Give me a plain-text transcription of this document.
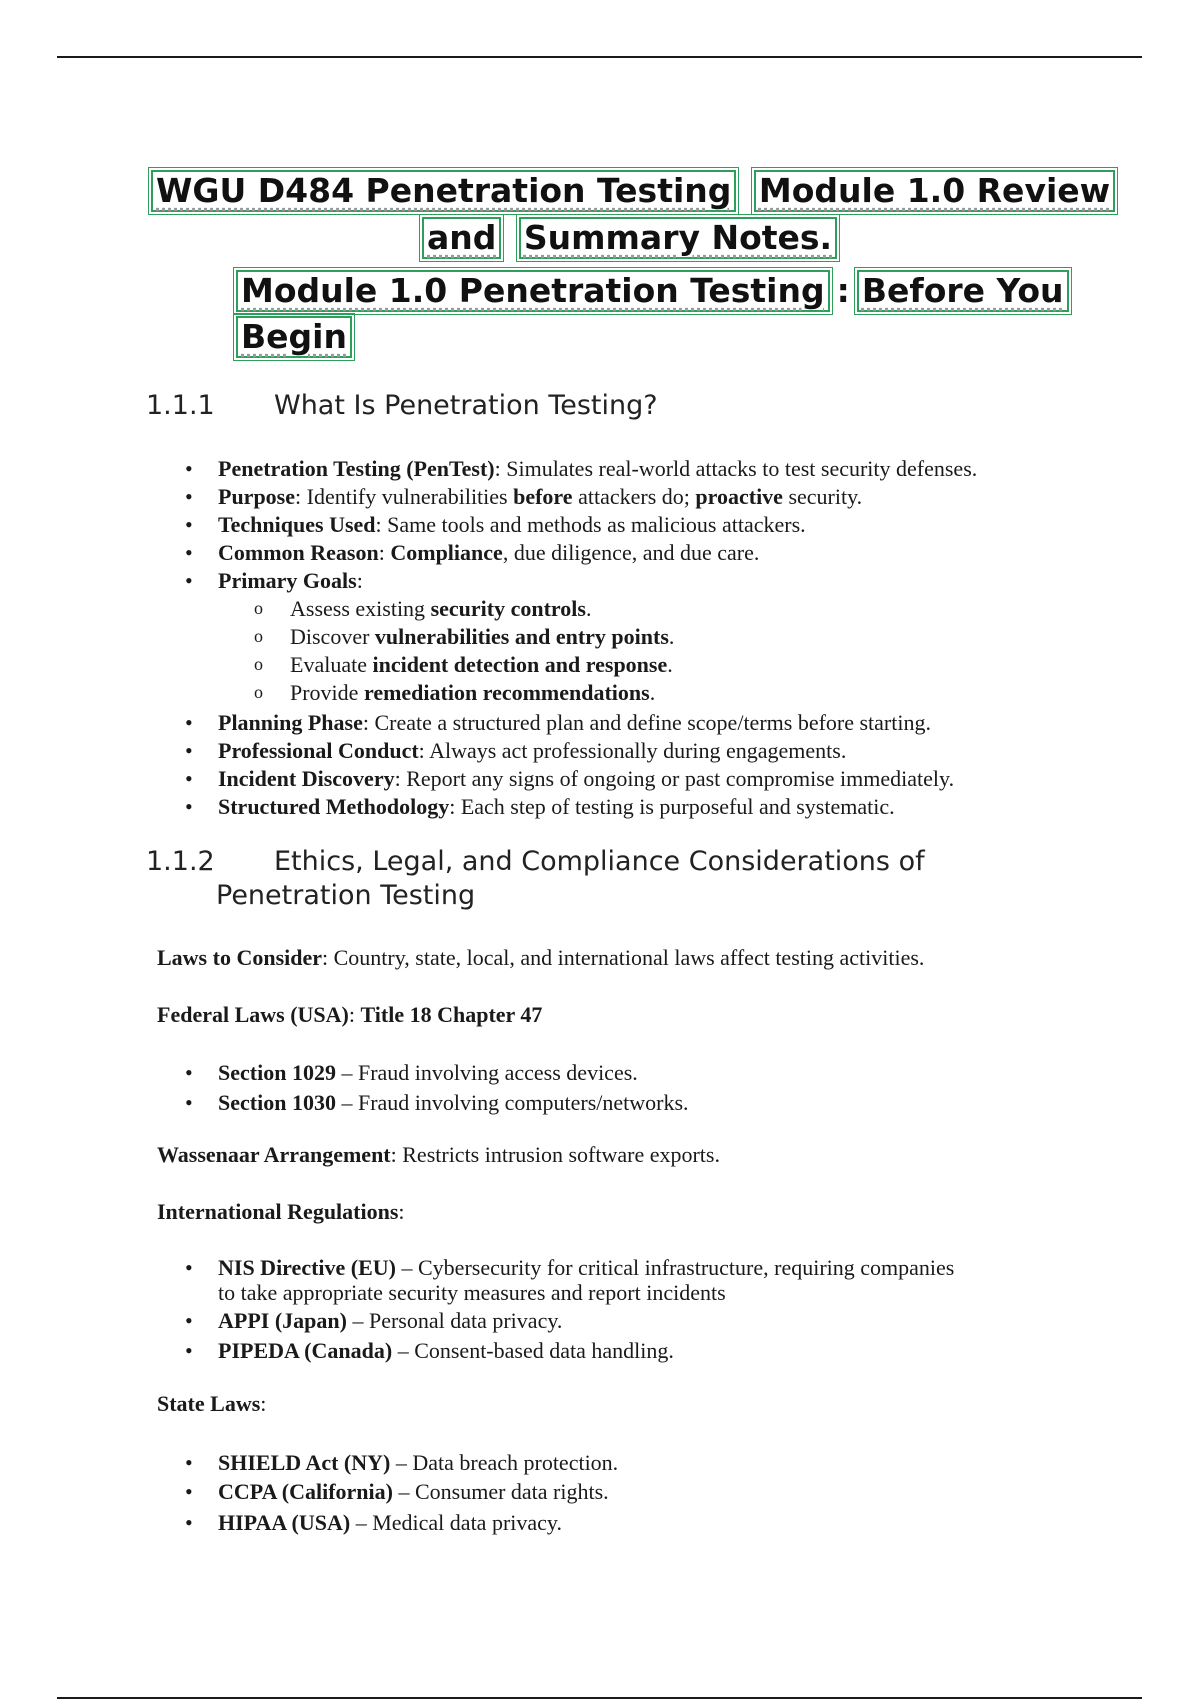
WGU D484 Penetration Testing Module 1.0 Review
and Summary Notes.
Module 1.0 Penetration Testing : Before You
Begin
1.1.1 What Is Penetration Testing?
• Penetration Testing (PenTest): Simulates real-world attacks to test security defenses.
• Purpose: Identify vulnerabilities before attackers do; proactive security.
• Techniques Used: Same tools and methods as malicious attackers.
• Common Reason: Compliance, due diligence, and due care.
• Primary Goals:
o Assess existing security controls.
o Discover vulnerabilities and entry points.
o Evaluate incident detection and response.
o Provide remediation recommendations.
• Planning Phase: Create a structured plan and define scope/terms before starting.
• Professional Conduct: Always act professionally during engagements.
• Incident Discovery: Report any signs of ongoing or past compromise immediately.
• Structured Methodology: Each step of testing is purposeful and systematic.
1.1.2 Ethics, Legal, and Compliance Considerations of
Penetration Testing
Laws to Consider: Country, state, local, and international laws affect testing activities.
Federal Laws (USA): Title 18 Chapter 47
• Section 1029 – Fraud involving access devices.
• Section 1030 – Fraud involving computers/networks.
Wassenaar Arrangement: Restricts intrusion software exports.
International Regulations:
• NIS Directive (EU) – Cybersecurity for critical infrastructure, requiring companies
to take appropriate security measures and report incidents
• APPI (Japan) – Personal data privacy.
• PIPEDA (Canada) – Consent-based data handling.
State Laws:
• SHIELD Act (NY) – Data breach protection.
• CCPA (California) – Consumer data rights.
• HIPAA (USA) – Medical data privacy.
